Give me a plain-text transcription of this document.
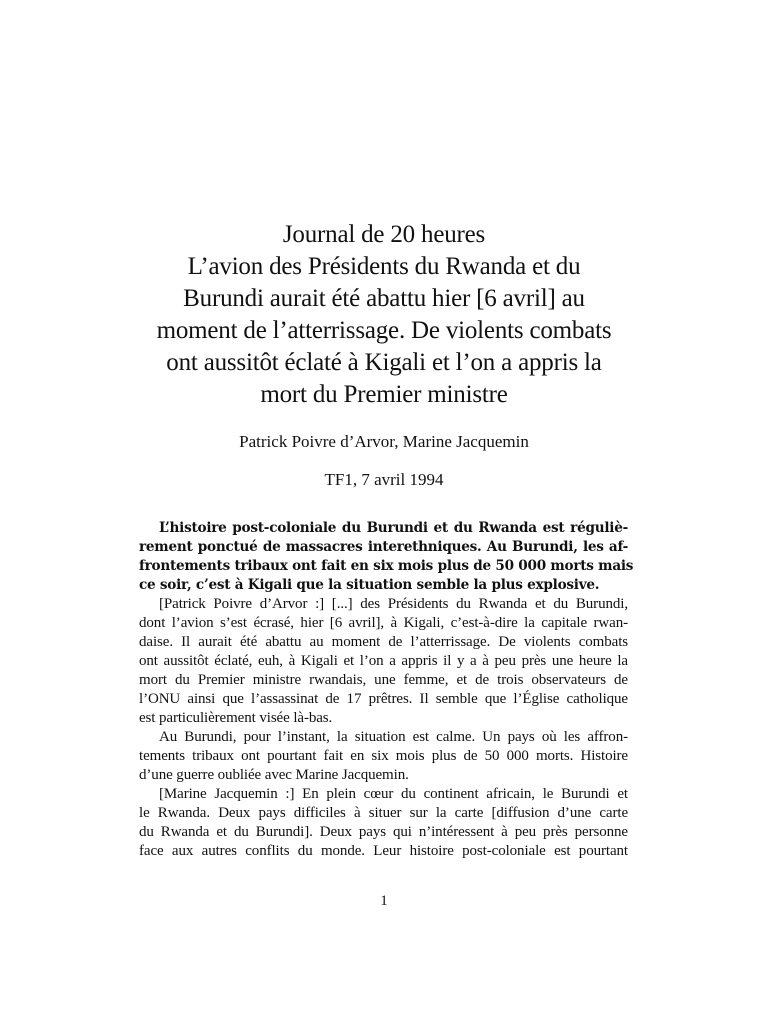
Journal de 20 heures
L’avion des Présidents du Rwanda et du
Burundi aurait été abattu hier [6 avril] au
moment de l’atterrissage. De violents combats
ont aussitôt éclaté à Kigali et l’on a appris la
mort du Premier ministre
Patrick Poivre d’Arvor, Marine Jacquemin
TF1, 7 avril 1994
L’histoire post-coloniale du Burundi et du Rwanda est réguliè-
rement ponctué de massacres interethniques. Au Burundi, les af-
frontements tribaux ont fait en six mois plus de 50 000 morts mais
ce soir, c’est à Kigali que la situation semble la plus explosive.
[Patrick Poivre d’Arvor :] [...] des Présidents du Rwanda et du Burundi,
dont l’avion s’est écrasé, hier [6 avril], à Kigali, c’est-à-dire la capitale rwan-
daise. Il aurait été abattu au moment de l’atterrissage. De violents combats
ont aussitôt éclaté, euh, à Kigali et l’on a appris il y a à peu près une heure la
mort du Premier ministre rwandais, une femme, et de trois observateurs de
l’ONU ainsi que l’assassinat de 17 prêtres. Il semble que l’Église catholique
est particulièrement visée là-bas.
Au Burundi, pour l’instant, la situation est calme. Un pays où les affron-
tements tribaux ont pourtant fait en six mois plus de 50 000 morts. Histoire
d’une guerre oubliée avec Marine Jacquemin.
[Marine Jacquemin :] En plein cœur du continent africain, le Burundi et
le Rwanda. Deux pays difficiles à situer sur la carte [diffusion d’une carte
du Rwanda et du Burundi]. Deux pays qui n’intéressent à peu près personne
face aux autres conflits du monde. Leur histoire post-coloniale est pourtant
1
